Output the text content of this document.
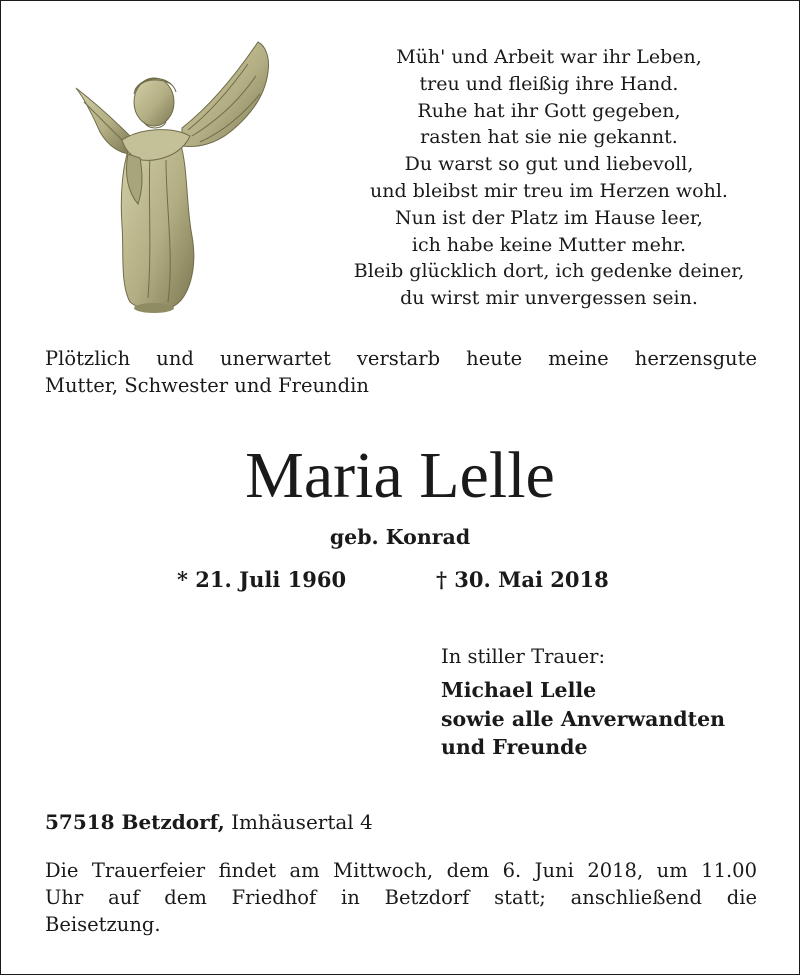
Müh' und Arbeit war ihr Leben,
treu und fleißig ihre Hand.
Ruhe hat ihr Gott gegeben,
rasten hat sie nie gekannt.
Du warst so gut und liebevoll,
und bleibst mir treu im Herzen wohl.
Nun ist der Platz im Hause leer,
ich habe keine Mutter mehr.
Bleib glücklich dort, ich gedenke deiner,
du wirst mir unvergessen sein.
Plötzlich und unerwartet verstarb heute meine herzensgute
Mutter, Schwester und Freundin
Maria Lelle
geb. Konrad
* 21. Juli 1960	† 30. Mai 2018
In stiller Trauer:
Michael Lelle
sowie alle Anverwandten
und Freunde
57518 Betzdorf, Imhäusertal 4
Die Trauerfeier findet am Mittwoch, dem 6. Juni 2018, um 11.00
Uhr auf dem Friedhof in Betzdorf statt; anschließend die
Beisetzung.
